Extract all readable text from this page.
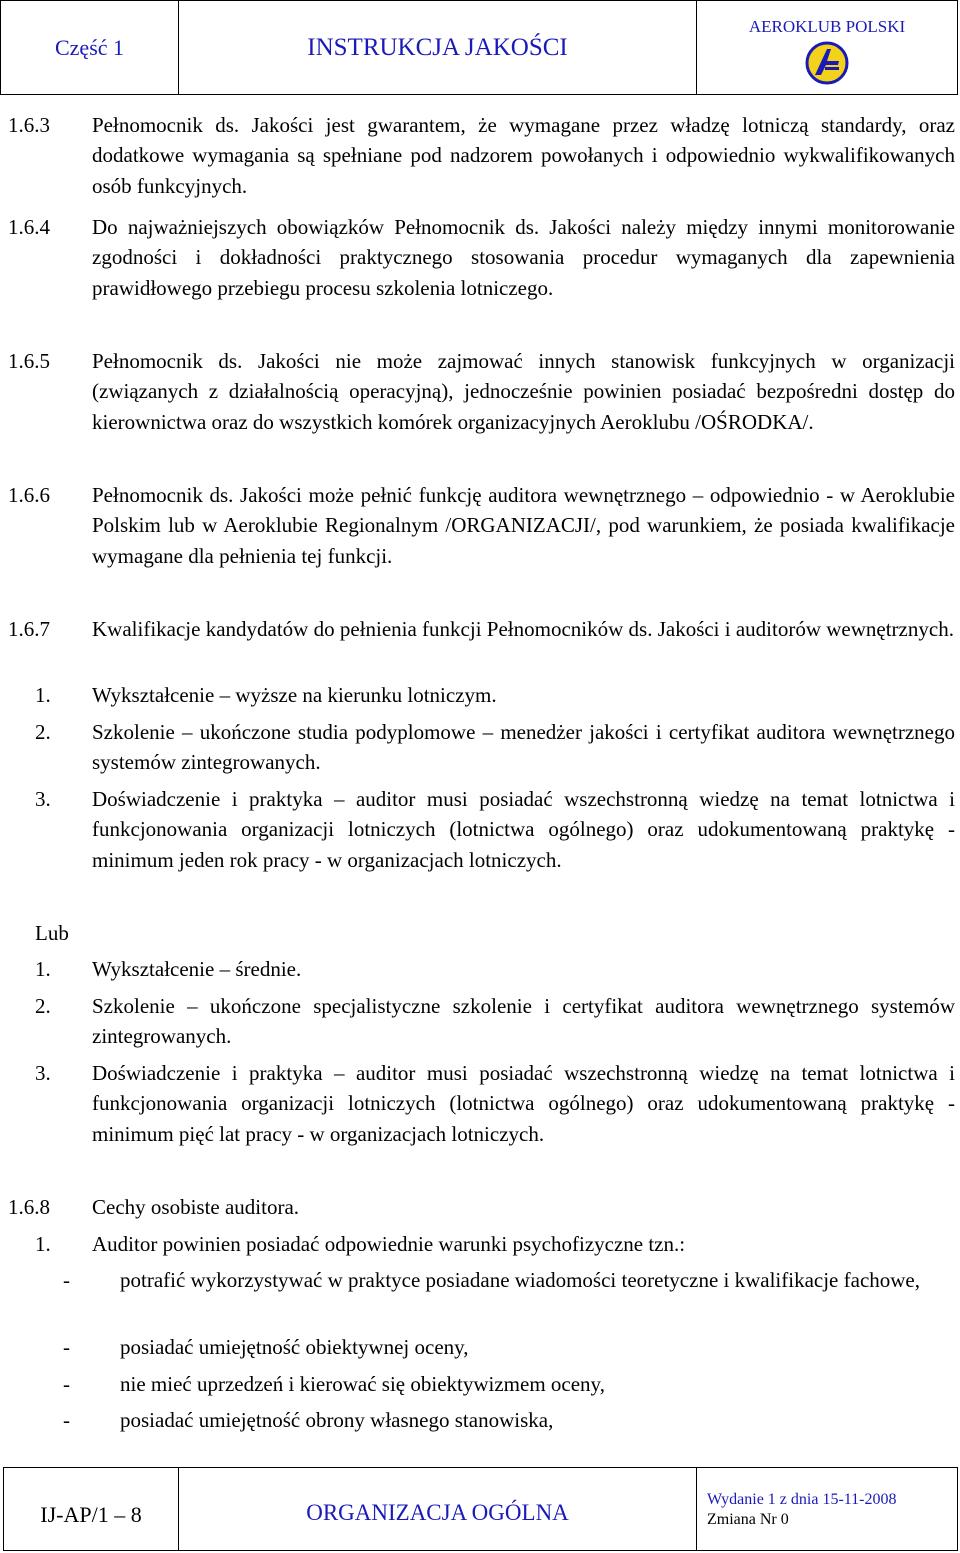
Część 1	INSTRUKCJA JAKOŚCI
AEROKLUB POLSKI
1.6.3 Pełnomocnik ds. Jakości jest gwarantem, że wymagane przez władzę lotniczą standardy, oraz dodatkowe wymagania są spełniane pod nadzorem powołanych i odpowiednio wykwalifikowanych osób funkcyjnych.
1.6.4 Do najważniejszych obowiązków Pełnomocnik ds. Jakości należy między innymi monitorowanie zgodności i dokładności praktycznego stosowania procedur wymaganych dla zapewnienia prawidłowego przebiegu procesu szkolenia lotniczego.
1.6.5 Pełnomocnik ds. Jakości nie może zajmować innych stanowisk funkcyjnych w organizacji (związanych z działalnością operacyjną), jednocześnie powinien posiadać bezpośredni dostęp do kierownictwa oraz do wszystkich komórek organizacyjnych Aeroklubu /OŚRODKA/.
1.6.6 Pełnomocnik ds. Jakości może pełnić funkcję auditora wewnętrznego – odpowiednio - w Aeroklubie Polskim lub w Aeroklubie Regionalnym /ORGANIZACJI/, pod warunkiem, że posiada kwalifikacje wymagane dla pełnienia tej funkcji.
1.6.7 Kwalifikacje kandydatów do pełnienia funkcji Pełnomocników ds. Jakości i auditorów wewnętrznych.
1. Wykształcenie – wyższe na kierunku lotniczym.
2. Szkolenie – ukończone studia podyplomowe – menedżer jakości i certyfikat auditora wewnętrznego systemów zintegrowanych.
3. Doświadczenie i praktyka – auditor musi posiadać wszechstronną wiedzę na temat lotnictwa i funkcjonowania organizacji lotniczych (lotnictwa ogólnego) oraz udokumentowaną praktykę - minimum jeden rok pracy - w organizacjach lotniczych.
Lub
1. Wykształcenie – średnie.
2. Szkolenie – ukończone specjalistyczne szkolenie i certyfikat auditora wewnętrznego systemów zintegrowanych.
3. Doświadczenie i praktyka – auditor musi posiadać wszechstronną wiedzę na temat lotnictwa i funkcjonowania organizacji lotniczych (lotnictwa ogólnego) oraz udokumentowaną praktykę - minimum pięć lat pracy - w organizacjach lotniczych.
1.6.8 Cechy osobiste auditora.
1. Auditor powinien posiadać odpowiednie warunki psychofizyczne tzn.:
- potrafić wykorzystywać w praktyce posiadane wiadomości teoretyczne i kwalifikacje fachowe,
- posiadać umiejętność obiektywnej oceny,
- nie mieć uprzedzeń i kierować się obiektywizmem oceny,
- posiadać umiejętność obrony własnego stanowiska,
IJ-AP/1 – 8	ORGANIZACJA OGÓLNA
Wydanie 1 z dnia 15-11-2008
Zmiana Nr 0
